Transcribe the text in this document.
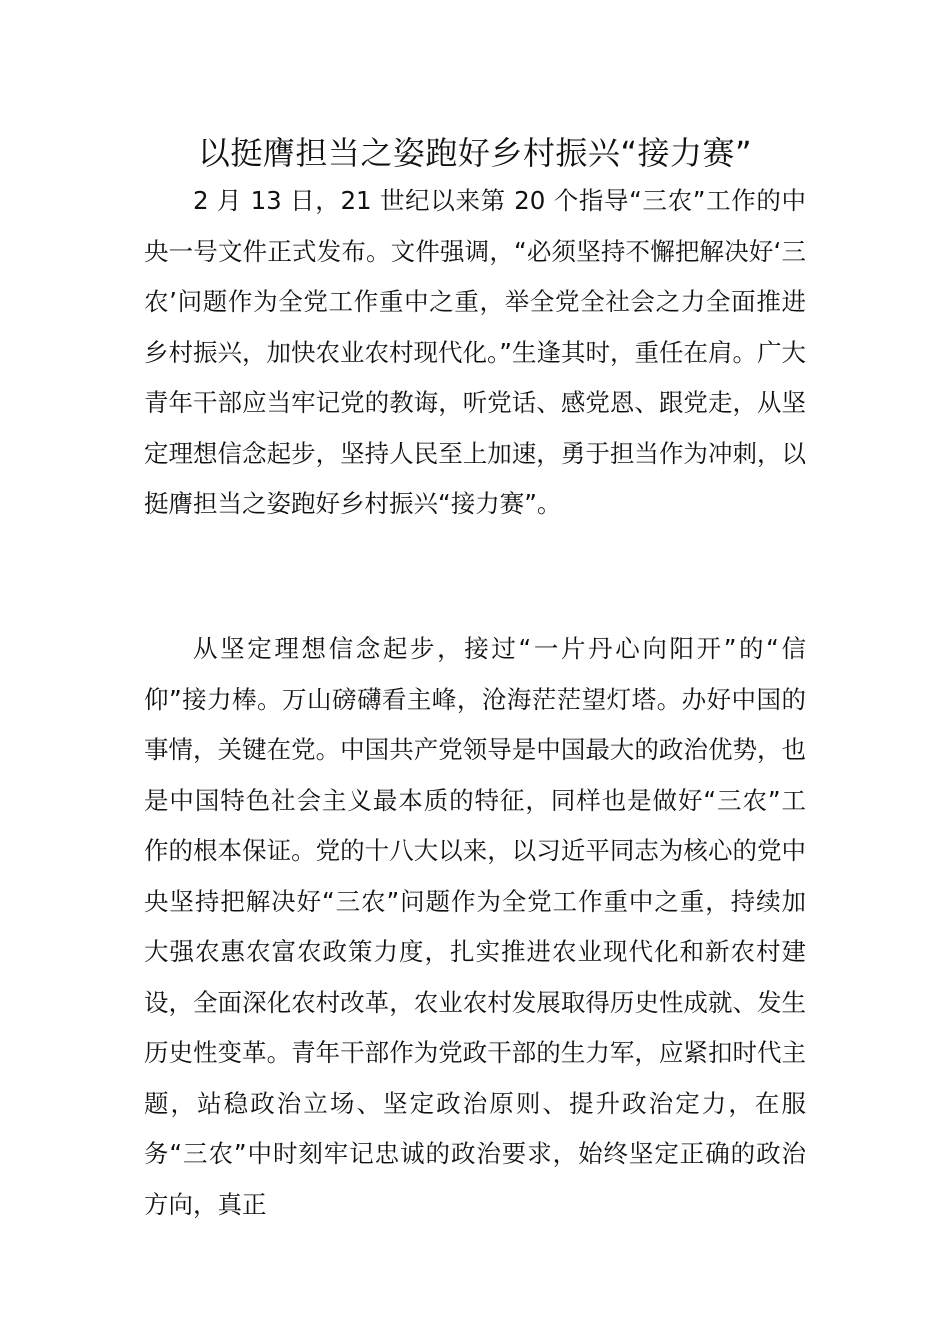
以挺膺担当之姿跑好乡村振兴“接力赛”

2 月 13 日，21 世纪以来第 20 个指导“三农”工作的中央一号文件正式发布。文件强调，“必须坚持不懈把解决好‘三农’问题作为全党工作重中之重，举全党全社会之力全面推进乡村振兴，加快农业农村现代化。”生逢其时，重任在肩。广大青年干部应当牢记党的教诲，听党话、感党恩、跟党走，从坚定理想信念起步，坚持人民至上加速，勇于担当作为冲刺，以挺膺担当之姿跑好乡村振兴“接力赛”。

从坚定理想信念起步，接过“一片丹心向阳开”的“信仰”接力棒。万山磅礴看主峰，沧海茫茫望灯塔。办好中国的事情，关键在党。中国共产党领导是中国最大的政治优势，也是中国特色社会主义最本质的特征，同样也是做好“三农”工作的根本保证。党的十八大以来，以习近平同志为核心的党中央坚持把解决好“三农”问题作为全党工作重中之重，持续加大强农惠农富农政策力度，扎实推进农业现代化和新农村建设，全面深化农村改革，农业农村发展取得历史性成就、发生历史性变革。青年干部作为党政干部的生力军，应紧扣时代主题，站稳政治立场、坚定政治原则、提升政治定力，在服务“三农”中时刻牢记忠诚的政治要求，始终坚定正确的政治方向，真正
